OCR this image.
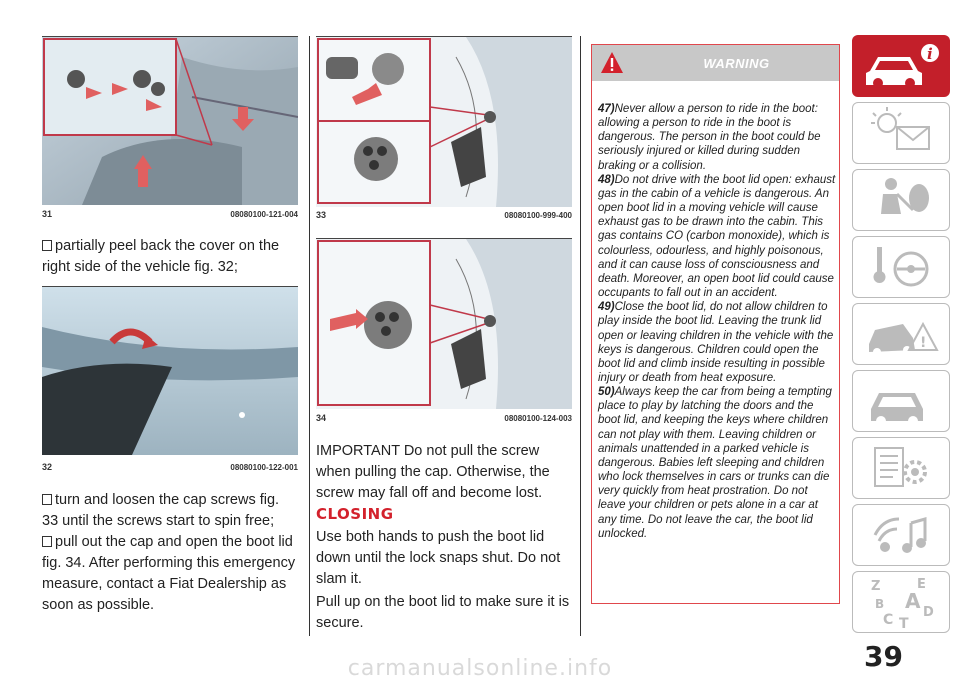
31	08080100-121-004
partially peel back the cover on the right side of the vehicle fig. 32;
32	08080100-122-001
turn and loosen the cap screws fig. 33 until the screws start to spin free;
pull out the cap and open the boot lid fig. 34. After performing this emergency measure, contact a Fiat Dealership as soon as possible.
33	08080100-999-400
34	08080100-124-003
IMPORTANT Do not pull the screw when pulling the cap. Otherwise, the screw may fall off and become lost.
CLOSING
Use both hands to push the boot lid down until the lock snaps shut. Do not slam it.
Pull up on the boot lid to make sure it is secure.
WARNING
47)Never allow a person to ride in the boot: allowing a person to ride in the boot is dangerous. The person in the boot could be seriously injured or killed during sudden braking or a collision.
48)Do not drive with the boot lid open: exhaust gas in the cabin of a vehicle is dangerous. An open boot lid in a moving vehicle will cause exhaust gas to be drawn into the cabin. This gas contains CO (carbon monoxide), which is colourless, odourless, and highly poisonous, and it can cause loss of consciousness and death. Moreover, an open boot lid could cause occupants to fall out in an accident.
49)Close the boot lid, do not allow children to play inside the boot lid. Leaving the trunk lid open or leaving children in the vehicle with the keys is dangerous. Children could open the boot lid and climb inside resulting in possible injury or death from heat exposure.
50)Always keep the car from being a tempting place to play by latching the doors and the boot lid, and keeping the keys where children can not play with them. Leaving children or animals unattended in a parked vehicle is dangerous. Babies left sleeping and children who lock themselves in cars or trunks can die very quickly from heat prostration. Do not leave your children or pets alone in a car at any time. Do not leave the car, the boot lid unlocked.
i
!
Z	E
B A
C T
D
39
carmanualsonline.info
